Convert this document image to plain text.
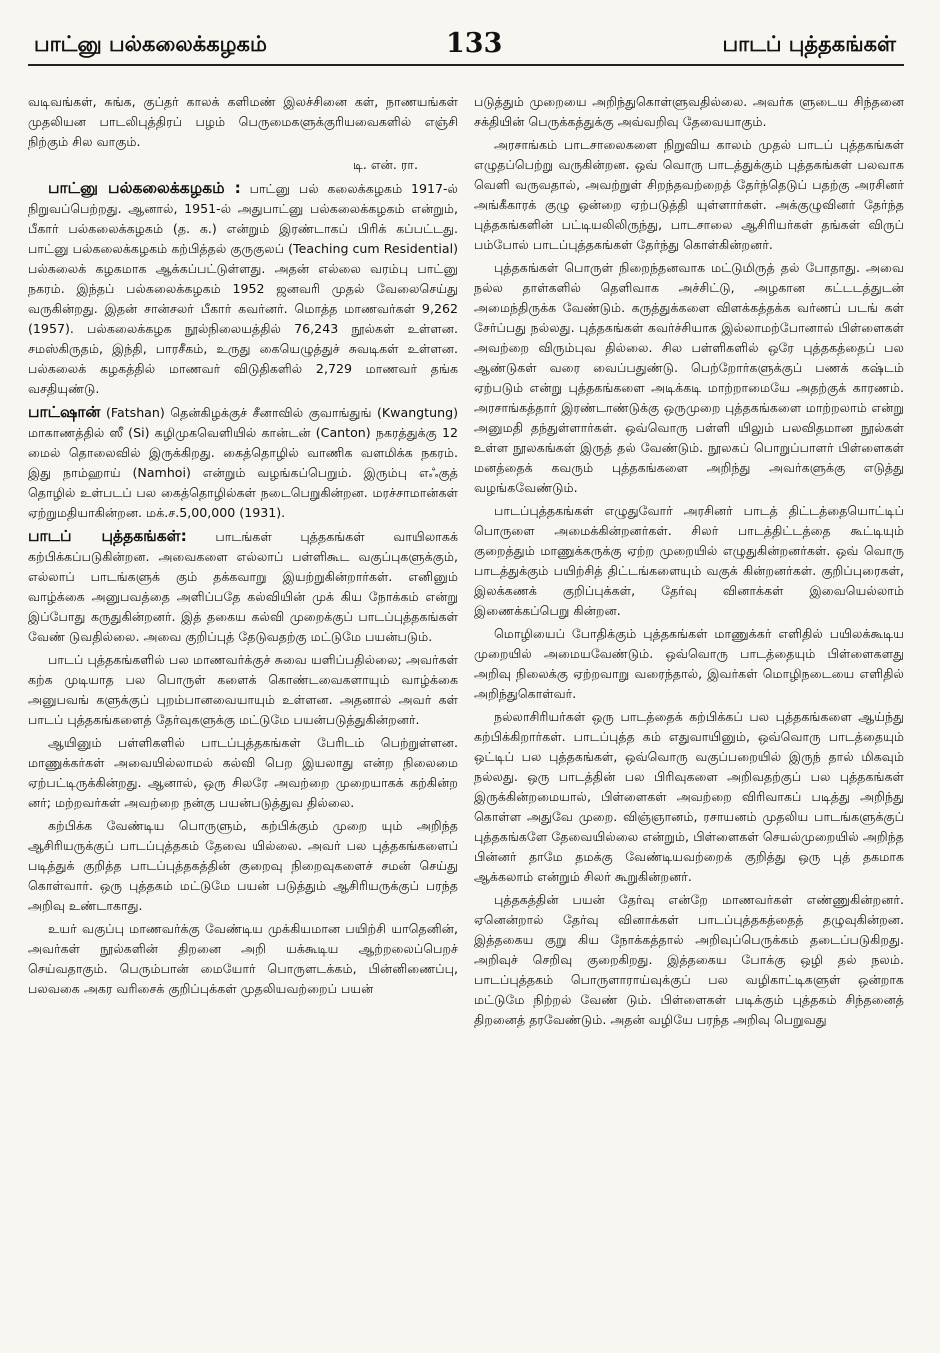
பாட்னு பல்கலைக்கழகம்	133	பாடப் புத்தகங்கள்

வடிவங்கள், சுங்க, குப்தர் காலக் களிமண் இலச்சினை கள், நாணயங்கள் முதலியன பாடலிபுத்திரப் பழம் பெருமைகளுக்குரியவைகளில் எஞ்சி நிற்கும் சில வாகும்.

டி. என். ரா.

பாட்னு பல்கலைக்கழகம் : பாட்னு பல் கலைக்கழகம் 1917-ல் நிறுவப்பெற்றது. ஆனால், 1951-ல் அதுபாட்னு பல்கலைக்கழகம் என்றும், பீகார் பல்கலைக்கழகம் (த. க.) என்றும் இரண்டாகப் பிரிக் கப்பட்டது. பாட்னு பல்கலைக்கழகம் கற்பித்தல் குருகுலப் (Teaching cum Residential) பல்கலைக் கழகமாக ஆக்கப்பட்டுள்ளது. அதன் எல்லை வரம்பு பாட்னு நகரம். இந்தப் பல்கலைக்கழகம் 1952 ஜனவரி முதல் வேலைசெய்து வருகின்றது. இதன் சான்சலர் பீகார் கவர்னர். மொத்த மாணவர்கள் 9,262 (1957). பல்கலைக்கழக நூல்நிலையத்தில் 76,243 நூல்கள் உள்ளன. சமஸ்கிருதம், இந்தி, பாரசீகம், உருது கையெழுத்துச் சுவடிகள் உள்ளன. பல்கலைக் கழகத்தில் மாணவர் விடுதிகளில் 2,729 மாணவர் தங்க வசதியுண்டு.

பாட்ஷான் (Fatshan) தென்கிழக்குச் சீனாவில் குவாங்துங் (Kwangtung) மாகாணத்தில் ஸீ (Si) கழிமுகவெளியில் கான்டன் (Canton) நகரத்துக்கு 12 மைல் தொலைவில் இருக்கிறது. கைத்தொழில் வாணிக வளமிக்க நகரம். இது நாம்ஹாய் (Namhoi) என்றும் வழங்கப்பெறும். இரும்பு எஃகுத் தொழில் உள்படப் பல கைத்தொழில்கள் நடைபெறுகின்றன. மரச்சாமான்கள் ஏற்றுமதியாகின்றன. மக்.ச.5,00,000 (1931).

பாடப் புத்தகங்கள்: பாடங்கள் புத்தகங்கள் வாயிலாகக் கற்பிக்கப்படுகின்றன. அவைகளை எல்லாப் பள்ளிகூட வகுப்புகளுக்கும், எல்லாப் பாடங்களுக் கும் தக்கவாறு இயற்றுகின்றார்கள். எனினும் வாழ்க்கை அனுபவத்தை அளிப்பதே கல்வியின் முக் கிய நோக்கம் என்று இப்போது கருதுகின்றனர். இத் தகைய கல்வி முறைக்குப் பாடப்புத்தகங்கள் வேண் டுவதில்லை. அவை குறிப்புத் தேடுவதற்கு மட்டுமே பயன்படும்.

பாடப் புத்தகங்களில் பல மாணவர்க்குச் சுவை யளிப்பதில்லை; அவர்கள் கற்க முடியாத பல பொருள் களைக் கொண்டவைகளாயும் வாழ்க்கை அனுபவங் களுக்குப் புறம்பானவையாயும் உள்ளன. அதனால் அவர் கள் பாடப் புத்தகங்களைத் தேர்வுகளுக்கு மட்டுமே பயன்படுத்துகின்றனர்.

ஆயினும் பள்ளிகளில் பாடப்புத்தகங்கள் பேரிடம் பெற்றுள்ளன. மாணுக்கர்கள் அவையில்லாமல் கல்வி பெற இயலாது என்ற நிலைமை ஏற்பட்டிருக்கின்றது. ஆனால், ஒரு சிலரே அவற்றை முறையாகக் கற்கின்ற னர்; மற்றவர்கள் அவற்றை நன்கு பயன்படுத்துவ தில்லை.

கற்பிக்க வேண்டிய பொருளும், கற்பிக்கும் முறை யும் அறிந்த ஆசிரியருக்குப் பாடப்புத்தகம் தேவை யில்லை. அவர் பல புத்தகங்களைப் படித்துக் குறித்த பாடப்புத்தகத்தின் குறைவு நிறைவுகளைச் சமன் செய்து கொள்வார். ஒரு புத்தகம் மட்டுமே பயன் படுத்தும் ஆசிரியருக்குப் பரந்த அறிவு உண்டாகாது.

உயர் வகுப்பு மாணவர்க்கு வேண்டிய முக்கியமான பயிற்சி யாதெனின், அவர்கள் நூல்களின் திறனை அறி யக்கூடிய ஆற்றலைப்பெறச் செய்வதாகும். பெரும்பான் மையோர் பொருளடக்கம், பின்னிணைப்பு, பலவகை அகர வரிசைக் குறிப்புக்கள் முதலியவற்றைப் பயன்

படுத்தும் முறையை அறிந்துகொள்ளுவதில்லை. அவர்க ளுடைய சிந்தனை சக்தியின் பெருக்கத்துக்கு அவ்வறிவு தேவையாகும்.

அரசாங்கம் பாடசாலைகளை நிறுவிய காலம் முதல் பாடப் புத்தகங்கள் எழுதப்பெற்று வருகின்றன. ஒவ் வொரு பாடத்துக்கும் புத்தகங்கள் பலவாக வெளி வருவதால், அவற்றுள் சிறந்தவற்றைத் தேர்ந்தெடுப் பதற்கு அரசினர் அங்கீகாரக் குழு ஒன்றை ஏற்படுத்தி யுள்ளார்கள். அக்குழுவினர் தேர்ந்த புத்தகங்களின் பட்டியலிலிருந்து, பாடசாலை ஆசிரியர்கள் தங்கள் விருப் பம்போல் பாடப்புத்தகங்கள் தேர்ந்து கொள்கின்றனர்.

புத்தகங்கள் பொருள் நிறைந்தனவாக மட்டுமிருத் தல் போதாது. அவை நல்ல தாள்களில் தெளிவாக அச்சிட்டு, அழகான கட்டடத்துடன் அமைந்திருக்க வேண்டும். கருத்துக்களை விளக்கத்தக்க வர்ணப் படங் கள் சேர்ப்பது நல்லது. புத்தகங்கள் கவர்ச்சியாக இல்லாமற்போனால் பிள்ளைகள் அவற்றை விரும்புவ தில்லை. சில பள்ளிகளில் ஒரே புத்தகத்தைப் பல ஆண்டுகள் வரை வைப்பதுண்டு. பெற்றோர்களுக்குப் பணக் கஷ்டம் ஏற்படும் என்று புத்தகங்களை அடிக்கடி மாற்றாமையே அதற்குக் காரணம். அரசாங்கத்தார் இரண்டாண்டுக்கு ஒருமுறை புத்தகங்களை மாற்றலாம் என்று அனுமதி தந்துள்ளார்கள். ஒவ்வொரு பள்ளி யிலும் பலவிதமான நூல்கள் உள்ள நூலகங்கள் இருத் தல் வேண்டும். நூலகப் பொறுப்பாளர் பிள்ளைகள் மனத்தைக் கவரும் புத்தகங்களை அறிந்து அவர்களுக்கு எடுத்து வழங்கவேண்டும்.

பாடப்புத்தகங்கள் எழுதுவோர் அரசினர் பாடத் திட்டத்தையொட்டிப் பொருளை அமைக்கின்றனர்கள். சிலர் பாடத்திட்டத்தை கூட்டியும் குறைத்தும் மாணுக்கருக்கு ஏற்ற முறையில் எழுதுகின்றனர்கள். ஒவ் வொரு பாடத்துக்கும் பயிற்சித் திட்டங்களையும் வகுக் கின்றனர்கள். குறிப்புரைகள், இலக்கணக் குறிப்புக்கள், தேர்வு வினாக்கள் இவையெல்லாம் இணைக்கப்பெறு கின்றன.

மொழியைப் போதிக்கும் புத்தகங்கள் மாணுக்கர் எளிதில் பயிலக்கூடிய முறையில் அமையவேண்டும். ஒவ்வொரு பாடத்தையும் பிள்ளைகளது அறிவு நிலைக்கு ஏற்றவாறு வரைந்தால், இவர்கள் மொழிநடையை எளிதில் அறிந்துகொள்வர்.

நல்லாசிரியர்கள் ஒரு பாடத்தைக் கற்பிக்கப் பல புத்தகங்களை ஆய்ந்து கற்பிக்கிறார்கள். பாடப்புத்த கம் எதுவாயினும், ஒவ்வொரு பாடத்தையும் ஒட்டிப் பல புத்தகங்கள், ஒவ்வொரு வகுப்பறையில் இருந் தால் மிகவும் நல்லது. ஒரு பாடத்தின் பல பிரிவுகளை அறிவதற்குப் பல புத்தகங்கள் இருக்கின்றமையால், பிள்ளைகள் அவற்றை விரிவாகப் படித்து அறிந்து கொள்ள அதுவே முறை. விஞ்ஞானம், ரசாயனம் முதலிய பாடங்களுக்குப் புத்தகங்களே தேவையில்லை என்றும், பிள்ளைகள் செயல்முறையில் அறிந்த பின்னர் தாமே தமக்கு வேண்டியவற்றைக் குறித்து ஒரு புத் தகமாக ஆக்கலாம் என்றும் சிலர் கூறுகின்றனர்.

புத்தகத்தின் பயன் தேர்வு என்றே மாணவர்கள் எண்ணுகின்றனர். ஏனென்றால் தேர்வு வினாக்கள் பாடப்புத்தகத்தைத் தழுவுகின்றன. இத்தகைய குறு கிய நோக்கத்தால் அறிவுப்பெருக்கம் தடைப்படுகிறது. அறிவுச் செறிவு குறைகிறது. இத்தகைய போக்கு ஒழி தல் நலம். பாடப்புத்தகம் பொருளாராய்வுக்குப் பல வழிகாட்டிகளுள் ஒன்றாக மட்டுமே நிற்றல் வேண் டும். பிள்ளைகள் படிக்கும் புத்தகம் சிந்தனைத் திறனைத் தரவேண்டும். அதன் வழியே பரந்த அறிவு பெறுவது
